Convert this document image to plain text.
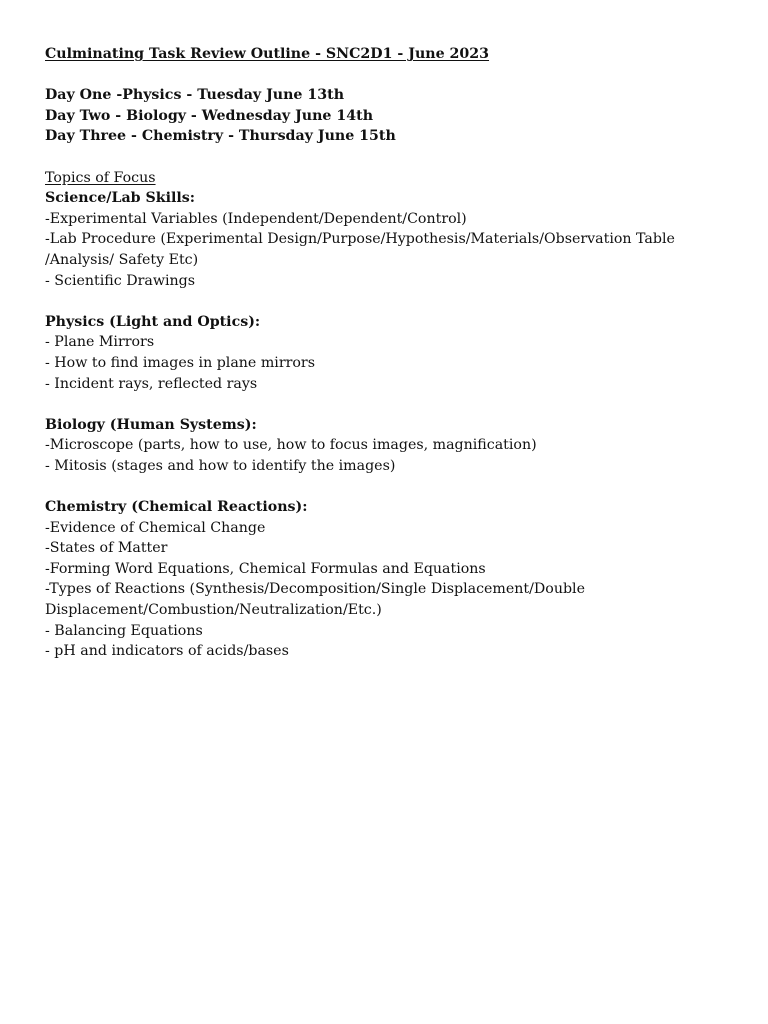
Culminating Task Review Outline - SNC2D1 - June 2023

Day One -Physics - Tuesday June 13th

Day Two - Biology - Wednesday June 14th

Day Three - Chemistry - Thursday June 15th

Topics of Focus

Science/Lab Skills:

-Experimental Variables (Independent/Dependent/Control)

-Lab Procedure (Experimental Design/Purpose/Hypothesis/Materials/Observation Table /Analysis/ Safety Etc)

- Scientific Drawings

Physics (Light and Optics):

- Plane Mirrors

- How to find images in plane mirrors

- Incident rays, reflected rays

Biology (Human Systems):

-Microscope (parts, how to use, how to focus images, magnification)

- Mitosis (stages and how to identify the images)

Chemistry (Chemical Reactions):

-Evidence of Chemical Change

-States of Matter

-Forming Word Equations, Chemical Formulas and Equations

-Types of Reactions (Synthesis/Decomposition/Single Displacement/Double Displacement/Combustion/Neutralization/Etc.)

- Balancing Equations

- pH and indicators of acids/bases
